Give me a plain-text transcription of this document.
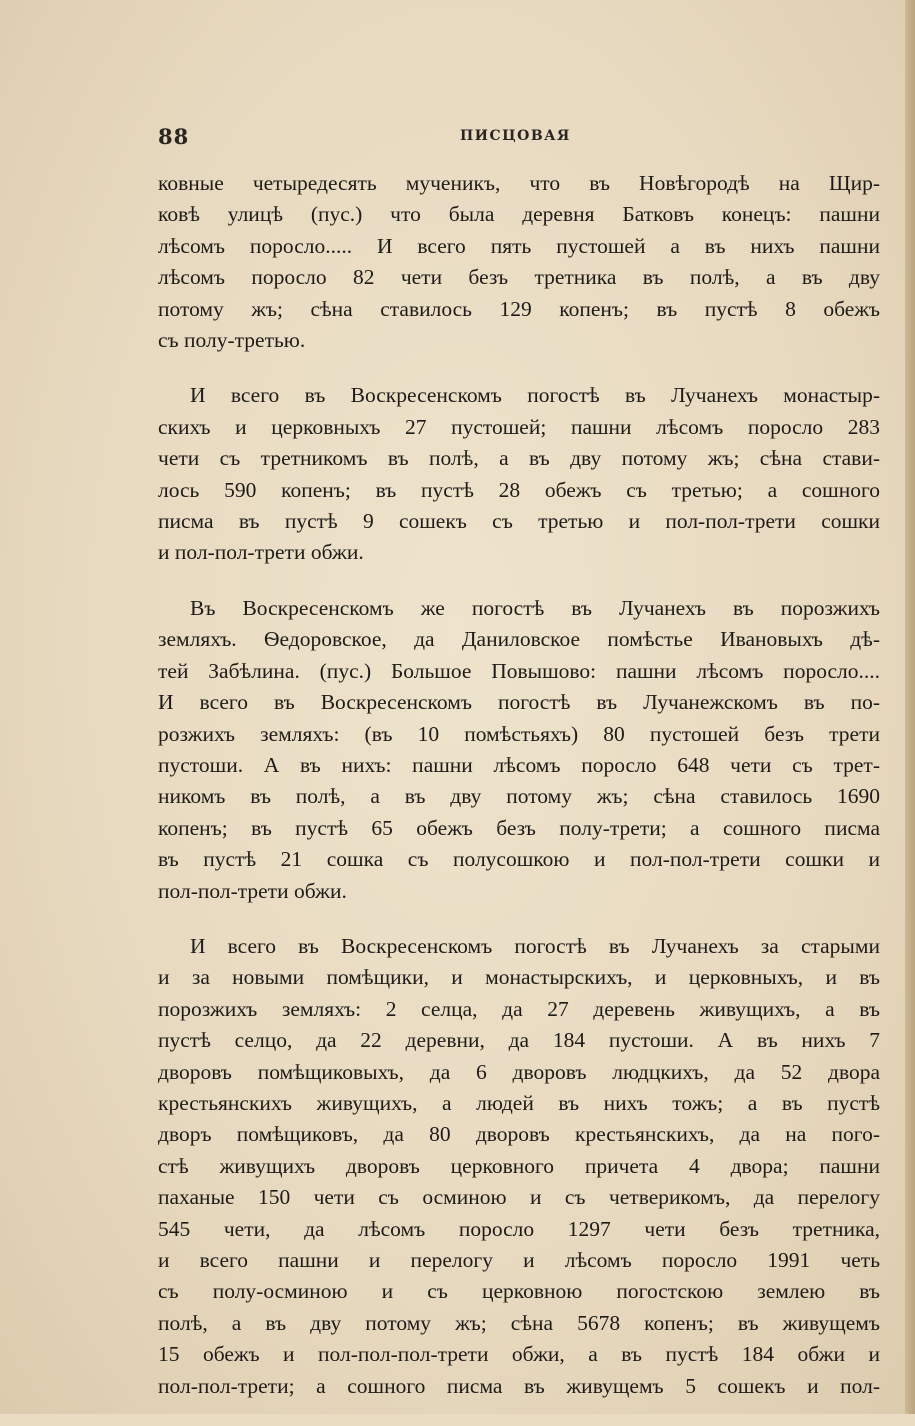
88	ПИСЦОВАЯ

ковные четыредесять мученикъ, что въ Новѣгородѣ на Щир-
ковѣ улицѣ (пус.) что была деревня Батковъ конецъ: пашни
лѣсомъ поросло..... И всего пять пустошей а въ нихъ пашни
лѣсомъ поросло 82 чети безъ третника въ полѣ, а въ дву
потому жъ; сѣна ставилось 129 копенъ; въ пустѣ 8 обежъ
съ полу-третью.

И всего въ Воскресенскомъ погостѣ въ Лучанехъ монастыр-
скихъ и церковныхъ 27 пустошей; пашни лѣсомъ поросло 283
чети съ третникомъ въ полѣ, а въ дву потому жъ; сѣна стави-
лось 590 копенъ; въ пустѣ 28 обежъ съ третью; а сошного
писма въ пустѣ 9 сошекъ съ третью и пол-пол-трети сошки
и пол-пол-трети обжи.

Въ Воскресенскомъ же погостѣ въ Лучанехъ въ порозжихъ
земляхъ. Ѳедоровское, да Даниловское помѣстье Ивановыхъ дѣ-
тей Забѣлина. (пус.) Большое Повышово: пашни лѣсомъ поросло....
И всего въ Воскресенскомъ погостѣ въ Лучанежскомъ въ по-
розжихъ земляхъ: (въ 10 помѣстьяхъ) 80 пустошей безъ трети
пустоши. А въ нихъ: пашни лѣсомъ поросло 648 чети съ трет-
никомъ въ полѣ, а въ дву потому жъ; сѣна ставилось 1690
копенъ; въ пустѣ 65 обежъ безъ полу-трети; а сошного писма
въ пустѣ 21 сошка съ полусошкою и пол-пол-трети сошки и
пол-пол-трети обжи.

И всего въ Воскресенскомъ погостѣ въ Лучанехъ за старыми
и за новыми помѣщики, и монастырскихъ, и церковныхъ, и въ
порозжихъ земляхъ: 2 селца, да 27 деревень живущихъ, а въ
пустѣ селцо, да 22 деревни, да 184 пустоши. А въ нихъ 7
дворовъ помѣщиковыхъ, да 6 дворовъ людцкихъ, да 52 двора
крестьянскихъ живущихъ, а людей въ нихъ тожъ; а въ пустѣ
дворъ помѣщиковъ, да 80 дворовъ крестьянскихъ, да на пого-
стѣ живущихъ дворовъ церковного причета 4 двора; пашни
паханые 150 чети съ осминою и съ четверикомъ, да перелогу
545 чети, да лѣсомъ поросло 1297 чети безъ третника,
и всего пашни и перелогу и лѣсомъ поросло 1991 четь
съ полу-осминою и съ церковною погостскою землею въ
полѣ, а въ дву потому жъ; сѣна 5678 копенъ; въ живущемъ
15 обежъ и пол-пол-пол-трети обжи, а въ пустѣ 184 обжи и
пол-пол-трети; а сошного писма въ живущемъ 5 сошекъ и пол-
